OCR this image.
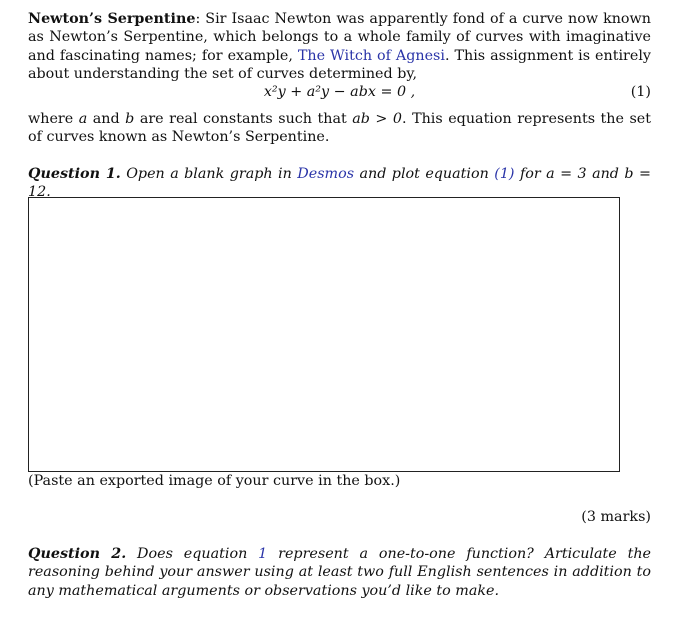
Newton’s Serpentine: Sir Isaac Newton was apparently fond of a curve now known as Newton’s Serpentine, which belongs to a whole family of curves with imaginative and fascinating names; for example, The Witch of Agnesi. This assignment is entirely about understanding the set of curves determined by,
x²y + a²y − abx = 0 ,	(1)
where a and b are real constants such that ab > 0. This equation represents the set of curves known as Newton’s Serpentine.
Question 1. Open a blank graph in Desmos and plot equation (1) for a = 3 and b = 12.
(Paste an exported image of your curve in the box.)
(3 marks)
Question 2. Does equation 1 represent a one-to-one function? Articulate the reasoning behind your answer using at least two full English sentences in addition to any mathematical arguments or observations you’d like to make.
